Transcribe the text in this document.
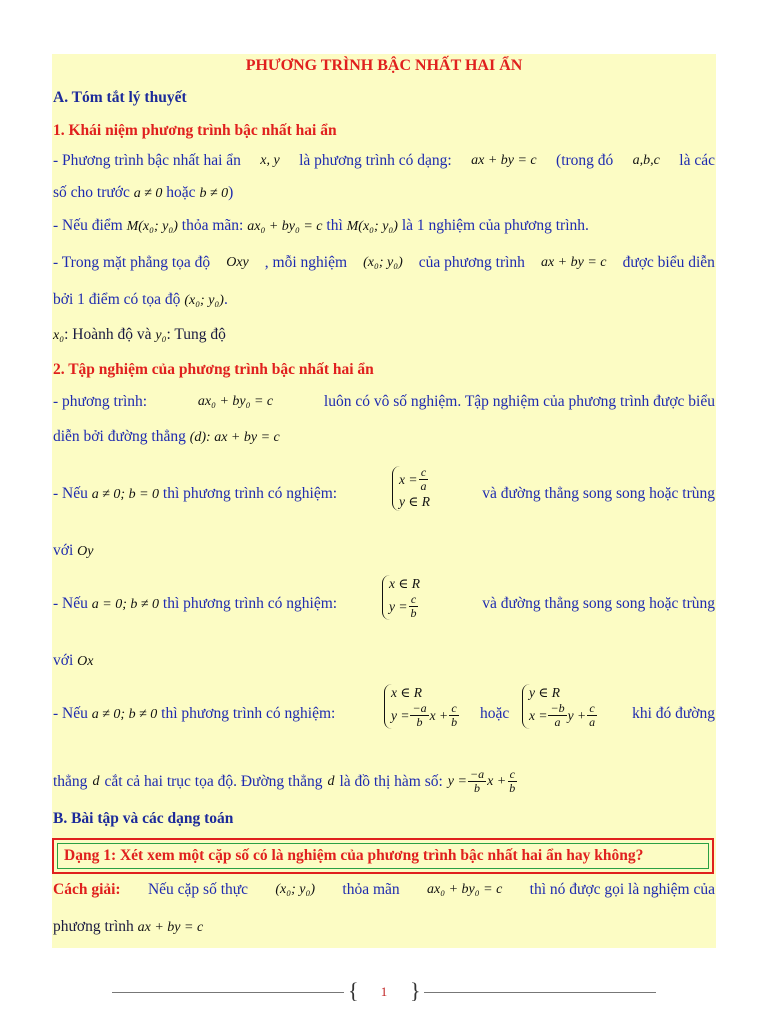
PHƯƠNG TRÌNH BẬC NHẤT HAI ẨN
A. Tóm tắt lý thuyết
1. Khái niệm phương trình bậc nhất hai ẩn
- Phương trình bậc nhất hai ẩn x, y là phương trình có dạng: ax + by = c (trong đó a,b,c là các
số cho trước a ≠ 0 hoặc b ≠ 0)
- Nếu điểm M(x₀; y₀) thỏa mãn: ax₀ + by₀ = c thì M(x₀; y₀) là 1 nghiệm của phương trình.
- Trong mặt phẳng tọa độ Oxy , mỗi nghiệm (x₀; y₀) của phương trình ax + by = c được biểu diễn
bởi 1 điểm có tọa độ (x₀; y₀).
x₀: Hoành độ và y₀: Tung độ
2. Tập nghiệm của phương trình bậc nhất hai ẩn
- phương trình:	ax₀ + by₀ = c	luôn có vô số nghiệm. Tập nghiệm của phương trình được biểu
diễn bởi đường thẳng (d): ax + by = c
- Nếu a ≠ 0; b = 0 thì phương trình có nghiệm:
$x = \frac{c}{a}$
y ∈ R	và đường thẳng song song hoặc trùng
với Oy
- Nếu a = 0; b ≠ 0 thì phương trình có nghiệm:
x ∈ R
$y = \frac{c}{b}$	và đường thẳng song song hoặc trùng
với Ox
- Nếu a ≠ 0; b ≠ 0 thì phương trình có nghiệm:
x ∈ R
$y = \frac{-a}{b}$ $x + \frac{c}{b}$ hoặc
y ∈ R
$x = \frac{-b}{a}$ $y + \frac{c}{a}$	khi đó đường
thẳng d cắt cả hai trục tọa độ. Đường thẳng d là đồ thị hàm số: $y = \frac{-a}{b}$ $x + \frac{c}{b}$
B. Bài tập và các dạng toán
Dạng 1: Xét xem một cặp số có là nghiệm của phương trình bậc nhất hai ẩn hay không?
Cách giải: Nếu cặp số thực (x₀; y₀) thỏa mãn ax₀ + by₀ = c thì nó được gọi là nghiệm của
phương trình ax + by = c
{	1	}
